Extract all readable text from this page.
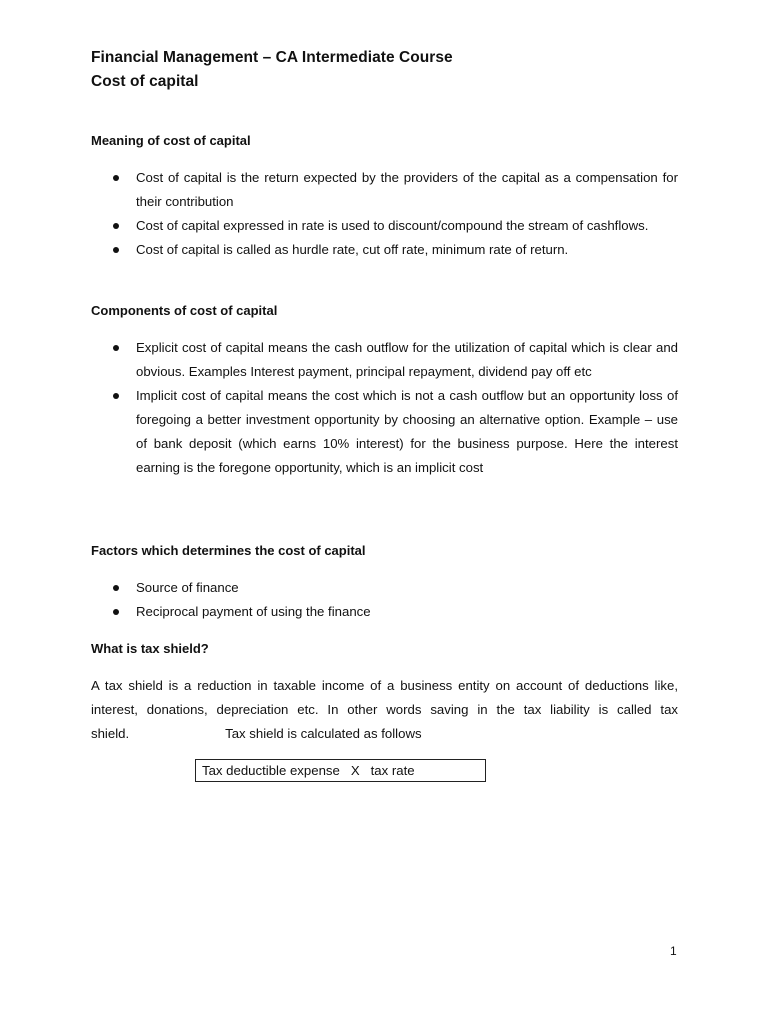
Financial Management – CA Intermediate Course
Cost of capital
Meaning of cost of capital
Cost of capital is the return expected by the providers of the capital as a compensation for their contribution
Cost of capital expressed in rate is used to discount/compound the stream of cashflows.
Cost of capital is called as hurdle rate, cut off rate, minimum rate of return.
Components of cost of capital
Explicit cost of capital means the cash outflow for the utilization of capital which is clear and obvious. Examples Interest payment, principal repayment, dividend pay off etc
Implicit cost of capital means the cost which is not a cash outflow but an opportunity loss of foregoing a better investment opportunity by choosing an alternative option. Example – use of bank deposit (which earns 10% interest) for the business purpose. Here the interest earning is the foregone opportunity, which is an implicit cost
Factors which determines the cost of capital
Source of finance
Reciprocal payment of using the finance
What is tax shield?

A tax shield is a reduction in taxable income of a business entity on account of deductions like, interest, donations, depreciation etc. In other words saving in the tax liability is called tax shield.	Tax shield is calculated as follows

Tax deductible expense   X   tax rate
1
